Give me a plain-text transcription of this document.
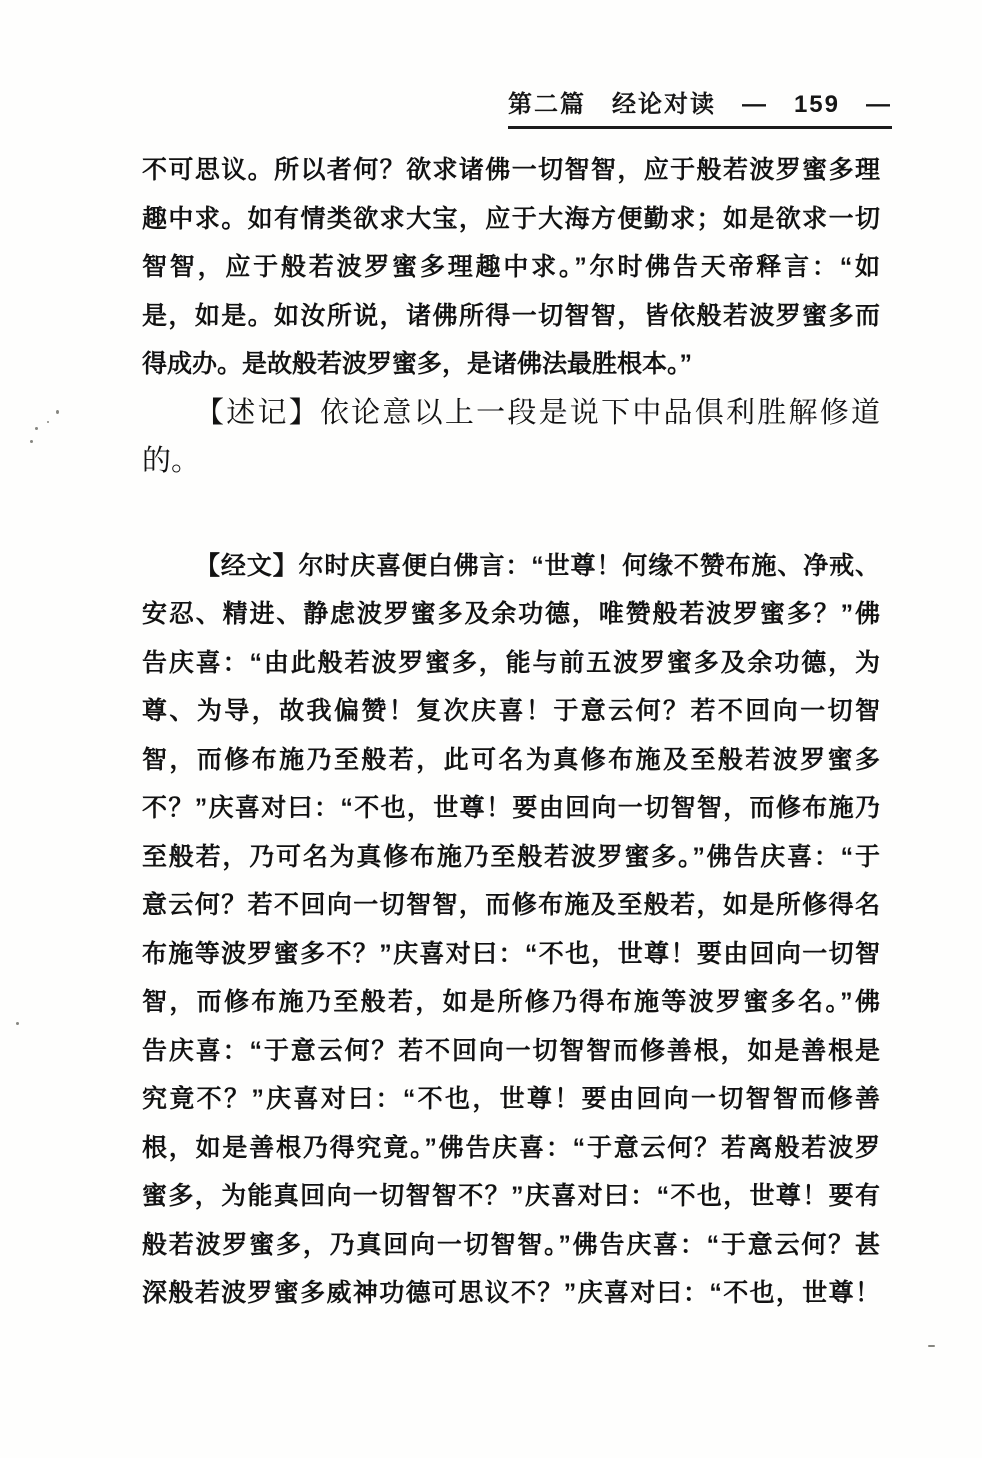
第二篇　经论对读　—　159　—
不可思议。所以者何？欲求诸佛一切智智，应于般若波罗蜜多理
趣中求。如有情类欲求大宝，应于大海方便勤求；如是欲求一切
智智，应于般若波罗蜜多理趣中求。”尔时佛告天帝释言：“如
是，如是。如汝所说，诸佛所得一切智智，皆依般若波罗蜜多而
得成办。是故般若波罗蜜多，是诸佛法最胜根本。”
【述记】依论意以上一段是说下中品俱利胜解修道
的。
【经文】尔时庆喜便白佛言：“世尊！何缘不赞布施、净戒、
安忍、精进、静虑波罗蜜多及余功德，唯赞般若波罗蜜多？”佛
告庆喜：“由此般若波罗蜜多，能与前五波罗蜜多及余功德，为
尊、为导，故我偏赞！复次庆喜！于意云何？若不回向一切智
智，而修布施乃至般若，此可名为真修布施及至般若波罗蜜多
不？”庆喜对曰：“不也，世尊！要由回向一切智智，而修布施乃
至般若，乃可名为真修布施乃至般若波罗蜜多。”佛告庆喜：“于
意云何？若不回向一切智智，而修布施及至般若，如是所修得名
布施等波罗蜜多不？”庆喜对曰：“不也，世尊！要由回向一切智
智，而修布施乃至般若，如是所修乃得布施等波罗蜜多名。”佛
告庆喜：“于意云何？若不回向一切智智而修善根，如是善根是
究竟不？”庆喜对曰：“不也，世尊！要由回向一切智智而修善
根，如是善根乃得究竟。”佛告庆喜：“于意云何？若离般若波罗
蜜多，为能真回向一切智智不？”庆喜对曰：“不也，世尊！要有
般若波罗蜜多，乃真回向一切智智。”佛告庆喜：“于意云何？甚
深般若波罗蜜多威神功德可思议不？”庆喜对曰：“不也，世尊！
